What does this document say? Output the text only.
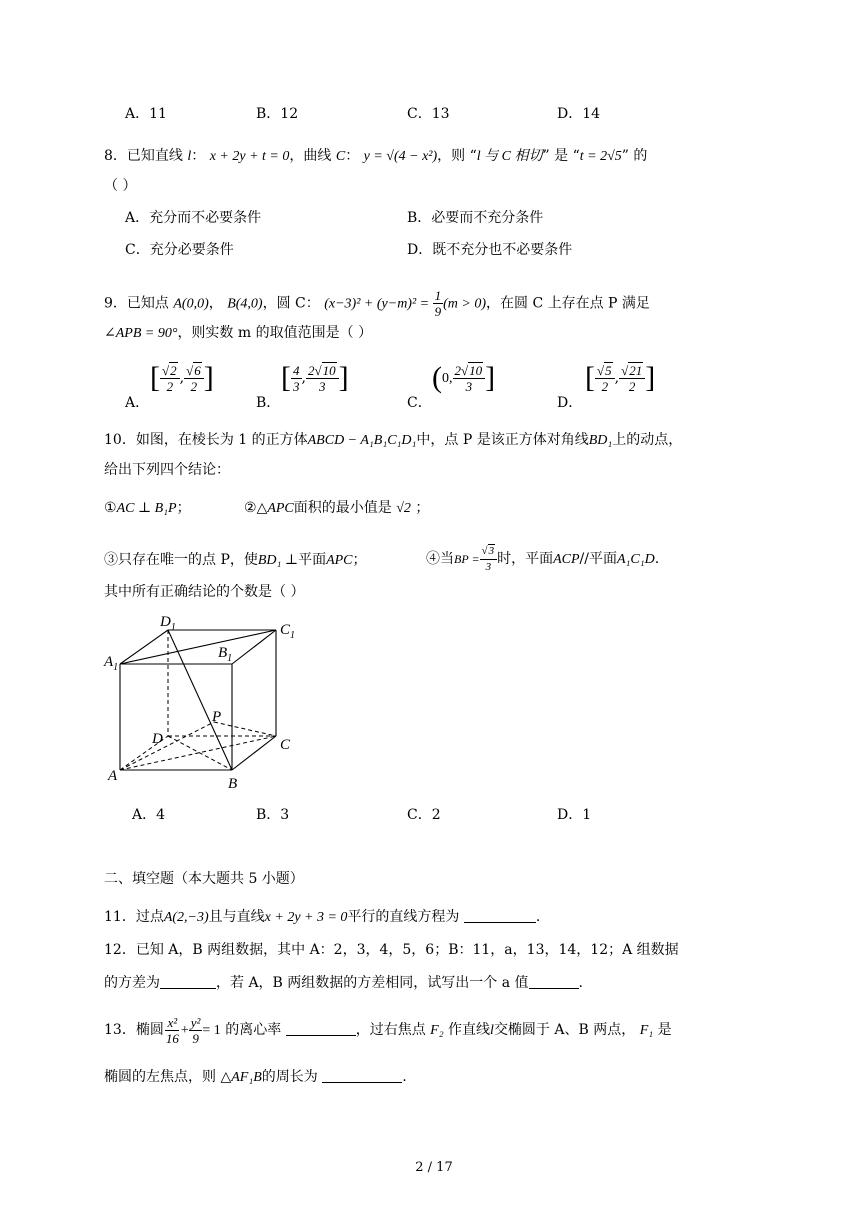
A．11	B．12	C．13	D．14
8．已知直线 l： x + 2y + t = 0，曲线 C： y = √(4 − x²)，则 “l 与 C 相切” 是 “t = 2√5” 的
（ ）
A．充分而不必要条件	B．必要而不充分条件
C．充分必要条件	D．既不充分也不必要条件
9．已知点 A(0,0)， B(4,0)，圆 C： $(x-3)^2 + (y-m)^2 = \frac{1}{9} (m > 0)$，在圆 C 上存在点 P 满足
∠APB = 90°，则实数 m 的取值范围是（ ）
A．
[ $\frac{√2}{2}$ , $\frac{√6}{2}$ ]
B．
[ $\frac{4}{3}$ , $\frac{2√10}{3}$ ]
C．
(0, $\frac{2√10}{3}$ ]
D．
[ $\frac{√5}{2}$ , $\frac{√21}{2}$ ]
10．如图，在棱长为 1 的正方体ABCD − A₁B₁C₁D₁中，点 P 是该正方体对角线BD₁上的动点，
给出下列四个结论：
①AC ⊥ B₁P；	②△APC面积的最小值是 √2 ；
③只存在唯一的点 P，使BD₁ ⊥平面APC；	④当BP = $\frac{√3}{3}$ 时，平面ACP//平面A₁C₁D.
其中所有正确结论的个数是（ ）
$D_1$	$C_1$
$A_1$
$B_1$
P
D	C
A	B
A．4	B．3	C．2	D．1
二、填空题（本大题共 5 小题）
11．过点A(2,−3)且与直线x + 2y + 3 = 0平行的直线方程为	.
12．已知 A，B 两组数据，其中 A：2，3，4，5，6；B：11，a，13，14，12；A 组数据
的方差为	，若 A，B 两组数据的方差相同，试写出一个 a 值	.
13．椭圆 $\frac{\text{x²}}{16} + \frac{\text{y²}}{9} = 1$ 的离心率	，过右焦点 F₂ 作直线l交椭圆于 A、B 两点， F₁ 是
椭圆的左焦点，则 △AF₁B的周长为	.
2 / 17
